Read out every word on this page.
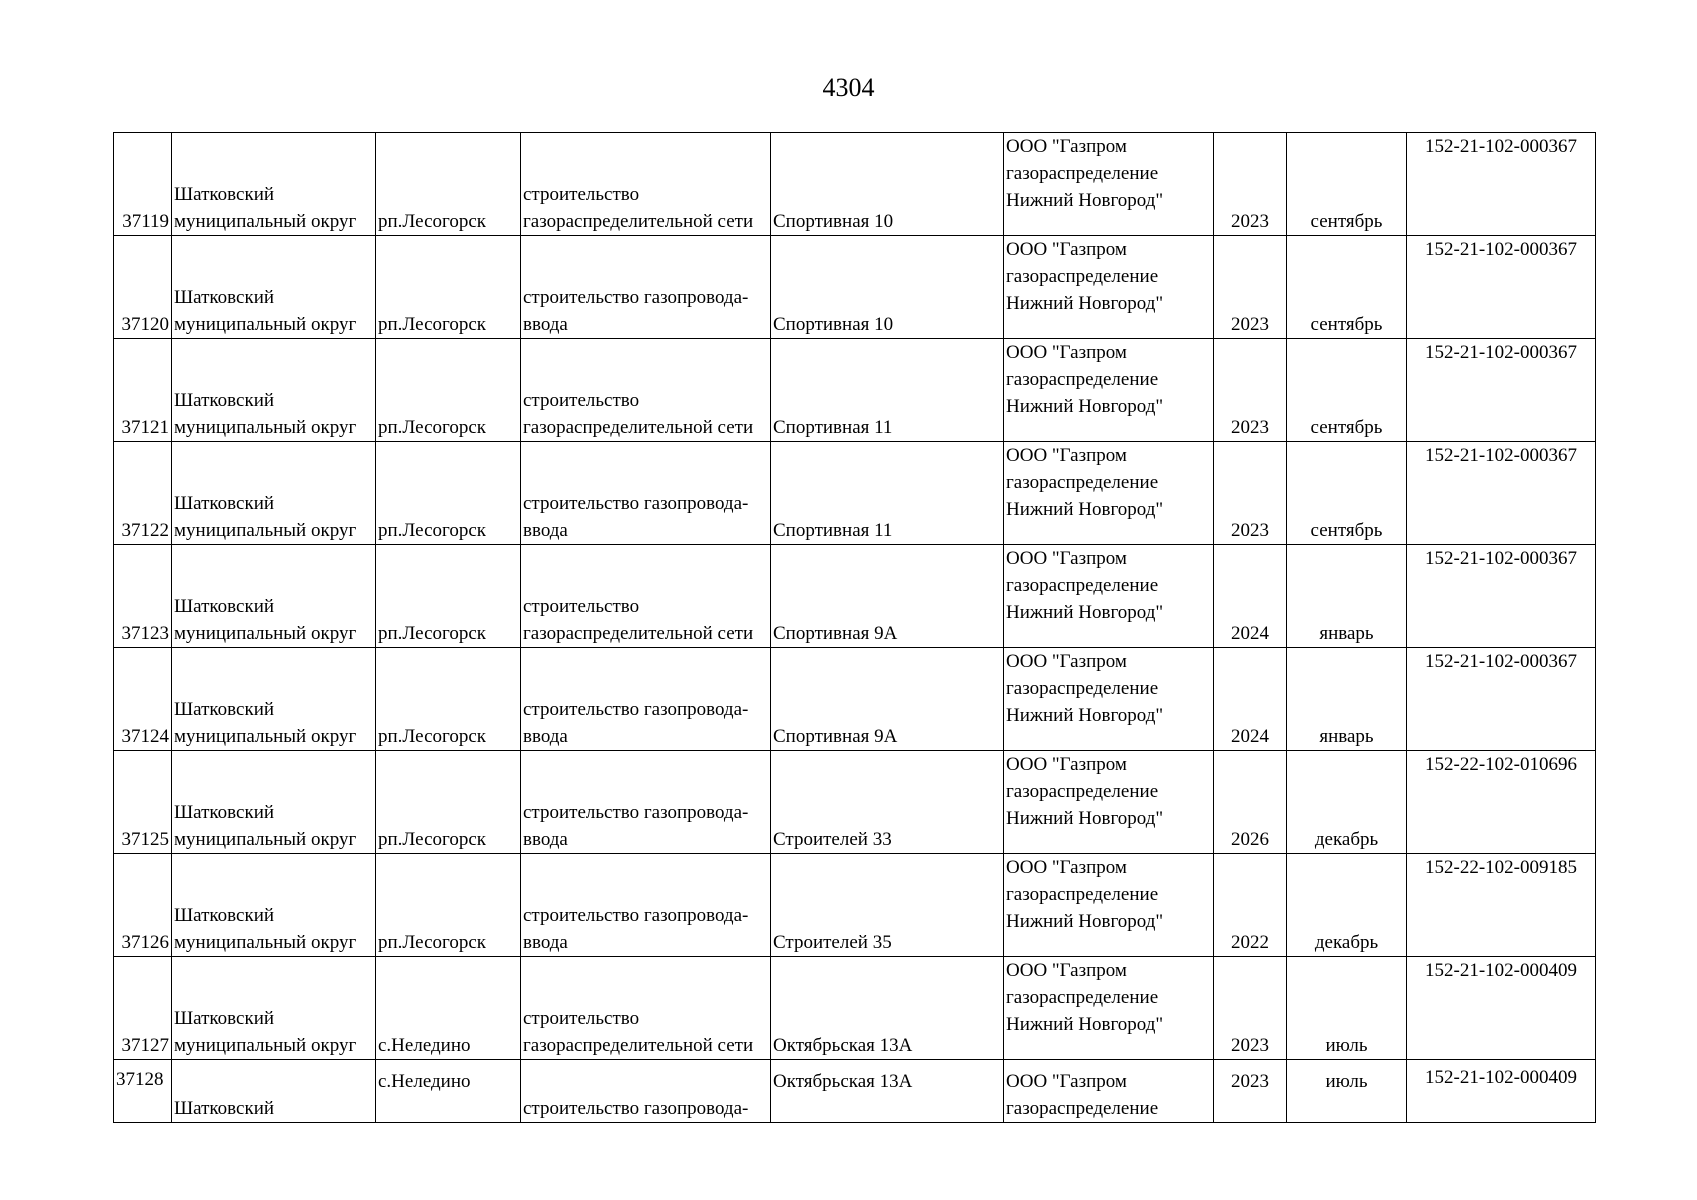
4304
37119	Шатковский
муниципальный округ	рп.Лесогорск	строительство
газораспределительной сети	Спортивная 10	ООО "Газпром
газораспределение
Нижний Новгород"	2023	сентябрь	152-21-102-000367
37120	Шатковский
муниципальный округ	рп.Лесогорск	строительство газопровода-
ввода	Спортивная 10	ООО "Газпром
газораспределение
Нижний Новгород"	2023	сентябрь	152-21-102-000367
37121	Шатковский
муниципальный округ	рп.Лесогорск	строительство
газораспределительной сети	Спортивная 11	ООО "Газпром
газораспределение
Нижний Новгород"	2023	сентябрь	152-21-102-000367
37122	Шатковский
муниципальный округ	рп.Лесогорск	строительство газопровода-
ввода	Спортивная 11	ООО "Газпром
газораспределение
Нижний Новгород"	2023	сентябрь	152-21-102-000367
37123	Шатковский
муниципальный округ	рп.Лесогорск	строительство
газораспределительной сети	Спортивная 9А	ООО "Газпром
газораспределение
Нижний Новгород"	2024	январь	152-21-102-000367
37124	Шатковский
муниципальный округ	рп.Лесогорск	строительство газопровода-
ввода	Спортивная 9А	ООО "Газпром
газораспределение
Нижний Новгород"	2024	январь	152-21-102-000367
37125	Шатковский
муниципальный округ	рп.Лесогорск	строительство газопровода-
ввода	Строителей 33	ООО "Газпром
газораспределение
Нижний Новгород"	2026	декабрь	152-22-102-010696
37126	Шатковский
муниципальный округ	рп.Лесогорск	строительство газопровода-
ввода	Строителей 35	ООО "Газпром
газораспределение
Нижний Новгород"	2022	декабрь	152-22-102-009185
37127	Шатковский
муниципальный округ	с.Неледино	строительство
газораспределительной сети	Октябрьская 13А	ООО "Газпром
газораспределение
Нижний Новгород"	2023	июль	152-21-102-000409
37128	Шатковский	с.Неледино	строительство газопровода-	Октябрьская 13А	ООО "Газпром
газораспределение	2023	июль	152-21-102-000409
